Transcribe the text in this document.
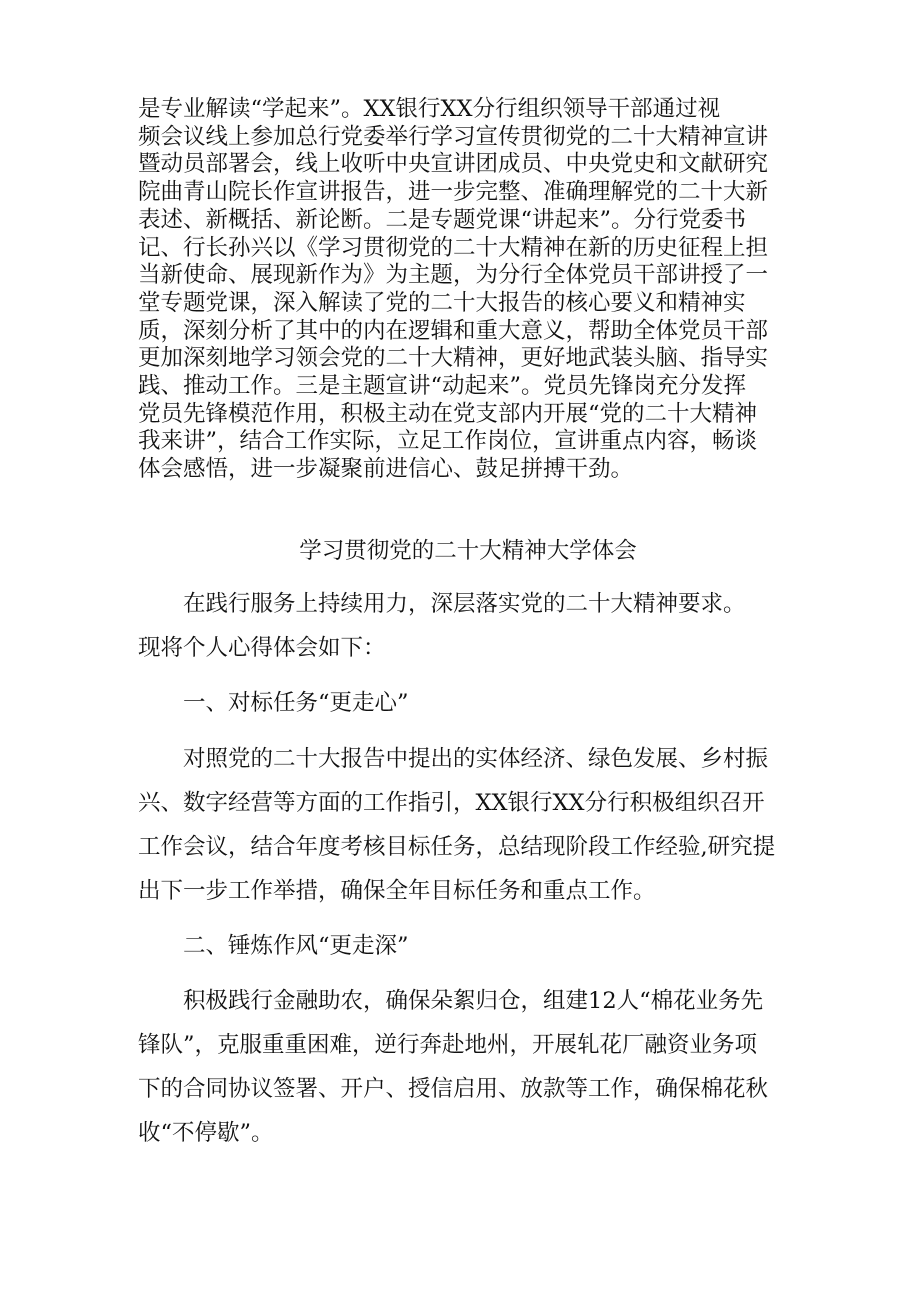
是专业解读“学起来”。XX银行XX分行组织领导干部通过视
频会议线上参加总行党委举行学习宣传贯彻党的二十大精神宣讲
暨动员部署会，线上收听中央宣讲团成员、中央党史和文献研究
院曲青山院长作宣讲报告，进一步完整、准确理解党的二十大新
表述、新概括、新论断。二是专题党课“讲起来”。分行党委书
记、行长孙兴以《学习贯彻党的二十大精神在新的历史征程上担
当新使命、展现新作为》为主题，为分行全体党员干部讲授了一
堂专题党课，深入解读了党的二十大报告的核心要义和精神实
质，深刻分析了其中的内在逻辑和重大意义，帮助全体党员干部
更加深刻地学习领会党的二十大精神，更好地武装头脑、指导实
践、推动工作。三是主题宣讲“动起来”。党员先锋岗充分发挥
党员先锋模范作用，积极主动在党支部内开展“党的二十大精神
我来讲”，结合工作实际，立足工作岗位，宣讲重点内容，畅谈
体会感悟，进一步凝聚前进信心、鼓足拼搏干劲。
学习贯彻党的二十大精神大学体会

在践行服务上持续用力，深层落实党的二十大精神要求。

现将个人心得体会如下：

一、对标任务“更走心”

对照党的二十大报告中提出的实体经济、绿色发展、乡村振
兴、数字经营等方面的工作指引，XX银行XX分行积极组织召开
工作会议，结合年度考核目标任务，总结现阶段工作经验,研究提
出下一步工作举措，确保全年目标任务和重点工作。

二、锤炼作风“更走深”

积极践行金融助农，确保朵絮归仓，组建12人“棉花业务先
锋队”，克服重重困难，逆行奔赴地州，开展轧花厂融资业务项
下的合同协议签署、开户、授信启用、放款等工作，确保棉花秋
收“不停歇”。
